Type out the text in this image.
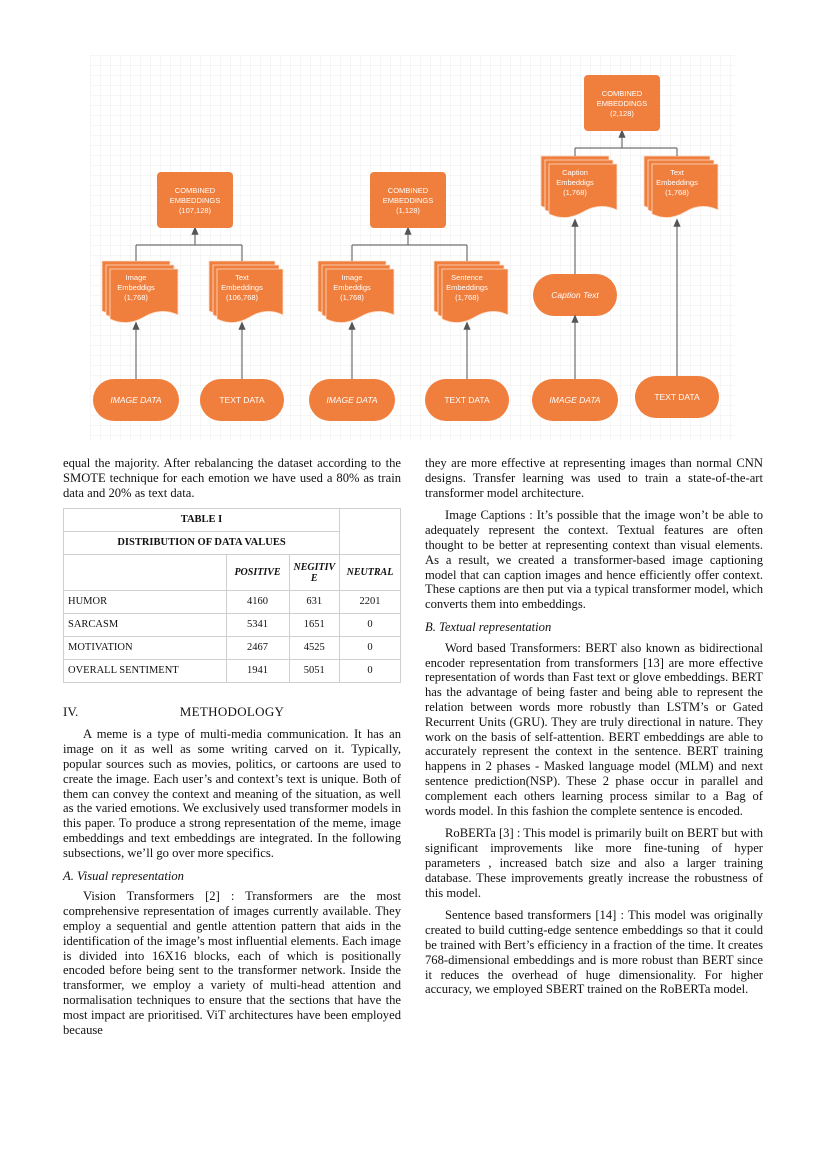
IMAGE DATA	TEXT DATA
Image
Embeddigs
(1,768)
Text
Embeddings
(106,768)
COMBINED
EMBEDDINGS
(107,128)
IMAGE DATA	TEXT DATA
Image
Embeddigs
(1,768)
Sentence
Embeddings
(1,768)
COMBINED
EMBEDDINGS
(1,128)
IMAGE DATA	TEXT DATA
Caption Text
Caption
Embeddigs
(1,768)
Text
Embeddings
(1,768)
COMBINED
EMBEDDINGS
(2,128)

equal the majority. After rebalancing the dataset according to the SMOTE technique for each emotion we have used a 80% as train data and 20% as text data.

TABLE I			
DISTRIBUTION OF DATA VALUES			
	POSITIVE	NEGITIV E	NEUTRAL
HUMOR	4160	631	2201
SARCASM	5341	1651	0
MOTIVATION	2467	4525	0
OVERALL SENTIMENT	1941	5051	0
METHODOLOGY
IV.

A meme is a type of multi-media communication. It has an image on it as well as some writing carved on it. Typically, popular sources such as movies, politics, or cartoons are used to create the image. Each user’s and context’s text is unique. Both of them can convey the context and meaning of the situation, as well as the varied emotions. We exclusively used transformer models in this paper. To produce a strong representation of the meme, image embeddings and text embeddings are integrated. In the following subsections, we’ll go over more specifics.

A. Visual representation

Vision Transformers [2] : Transformers are the most comprehensive representation of images currently available. They employ a sequential and gentle attention pattern that aids in the identification of the image’s most influential elements. Each image is divided into 16X16 blocks, each of which is positionally encoded before being sent to the transformer network. Inside the transformer, we employ a variety of multi-head attention and normalisation techniques to ensure that the sections that have the most impact are prioritised. ViT architectures have been employed because

they are more effective at representing images than normal CNN designs. Transfer learning was used to train a state-of-the-art transformer model architecture.

Image Captions : It’s possible that the image won’t be able to adequately represent the context. Textual features are often thought to be better at representing context than visual elements. As a result, we created a transformer-based image captioning model that can caption images and hence efficiently offer context. These captions are then put via a typical transformer model, which converts them into embeddings.

B. Textual representation

Word based Transformers: BERT also known as bidirectional encoder representation from transformers [13] are more effective representation of words than Fast text or glove embeddings. BERT has the advantage of being faster and being able to represent the relation between words more robustly than LSTM’s or Gated Recurrent Units (GRU). They are truly directional in nature. They work on the basis of self-attention. BERT embeddings are able to accurately represent the context in the sentence. BERT training happens in 2 phases - Masked language model (MLM) and next sentence prediction(NSP). These 2 phase occur in parallel and complement each others learning process similar to a Bag of words model. In this fashion the complete sentence is encoded.

RoBERTa [3] : This model is primarily built on BERT but with significant improvements like more fine-tuning of hyper parameters , increased batch size and also a larger training database. These improvements greatly increase the robustness of this model.

Sentence based transformers [14] : This model was originally created to build cutting-edge sentence embeddings so that it could be trained with Bert’s efficiency in a fraction of the time. It creates 768-dimensional embeddings and is more robust than BERT since it reduces the overhead of huge dimensionality. For higher accuracy, we employed SBERT trained on the RoBERTa model.
